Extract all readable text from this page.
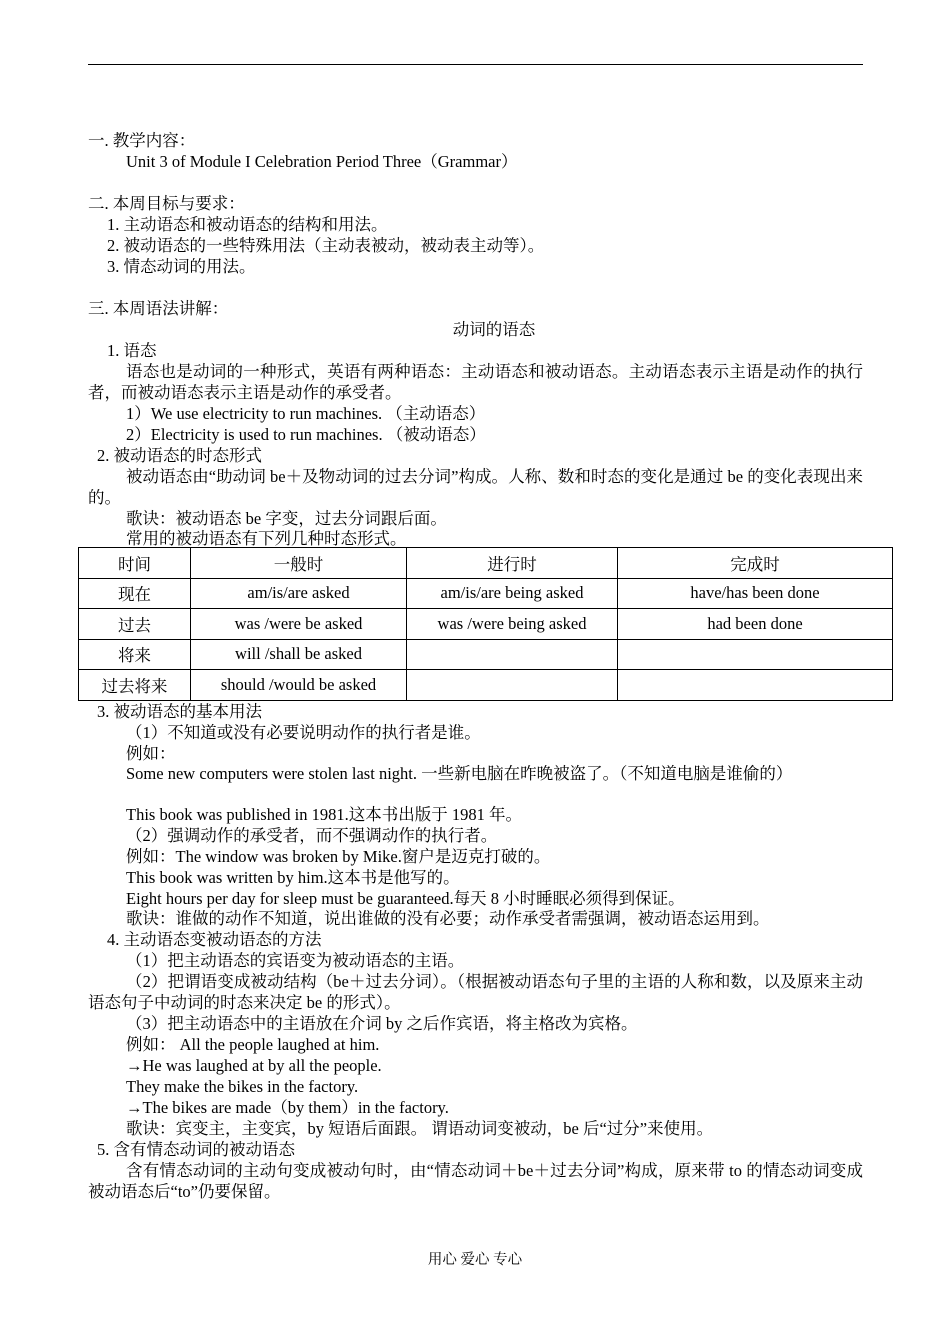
一. 教学内容：
Unit 3 of Module I Celebration Period Three（Grammar）
二. 本周目标与要求：
1. 主动语态和被动语态的结构和用法。
2. 被动语态的一些特殊用法（主动表被动，被动表主动等）。
3. 情态动词的用法。
三. 本周语法讲解：
动词的语态
1. 语态
语态也是动词的一种形式，英语有两种语态：主动语态和被动语态。主动语态表示主语是动作的执行者，而被动语态表示主语是动作的承受者。
1）We use electricity to run machines. （主动语态）
2）Electricity is used to run machines. （被动语态）
2. 被动语态的时态形式
被动语态由“助动词 be＋及物动词的过去分词”构成。人称、数和时态的变化是通过 be 的变化表现出来的。
歌诀：被动语态 be 字变，过去分词跟后面。
常用的被动语态有下列几种时态形式。
时间	一般时	进行时	完成时
现在	am/is/are asked	am/is/are being asked	have/has been done
过去	was /were be asked	was /were being asked	had been done
将来	will /shall be asked		
过去将来	should /would be asked		
3. 被动语态的基本用法
（1）不知道或没有必要说明动作的执行者是谁。
例如：
Some new computers were stolen last night. 一些新电脑在昨晚被盗了。（不知道电脑是谁偷的）
This book was published in 1981.这本书出版于 1981 年。
（2）强调动作的承受者，而不强调动作的执行者。
例如：The window was broken by Mike.窗户是迈克打破的。
This book was written by him.这本书是他写的。
Eight hours per day for sleep must be guaranteed.每天 8 小时睡眠必须得到保证。
歌诀：谁做的动作不知道，说出谁做的没有必要；动作承受者需强调，被动语态运用到。
4. 主动语态变被动语态的方法
（1）把主动语态的宾语变为被动语态的主语。
（2）把谓语变成被动结构（be＋过去分词）。（根据被动语态句子里的主语的人称和数，以及原来主动语态句子中动词的时态来决定 be 的形式）。
（3）把主动语态中的主语放在介词 by 之后作宾语，将主格改为宾格。
例如： All the people laughed at him.
→He was laughed at by all the people.
They make the bikes in the factory.
→The bikes are made（by them）in the factory.
歌诀：宾变主，主变宾，by 短语后面跟。 谓语动词变被动，be 后“过分”来使用。
5. 含有情态动词的被动语态
含有情态动词的主动句变成被动句时，由“情态动词＋be＋过去分词”构成，原来带 to 的情态动词变成被动语态后“to”仍要保留。
用心 爱心 专心
